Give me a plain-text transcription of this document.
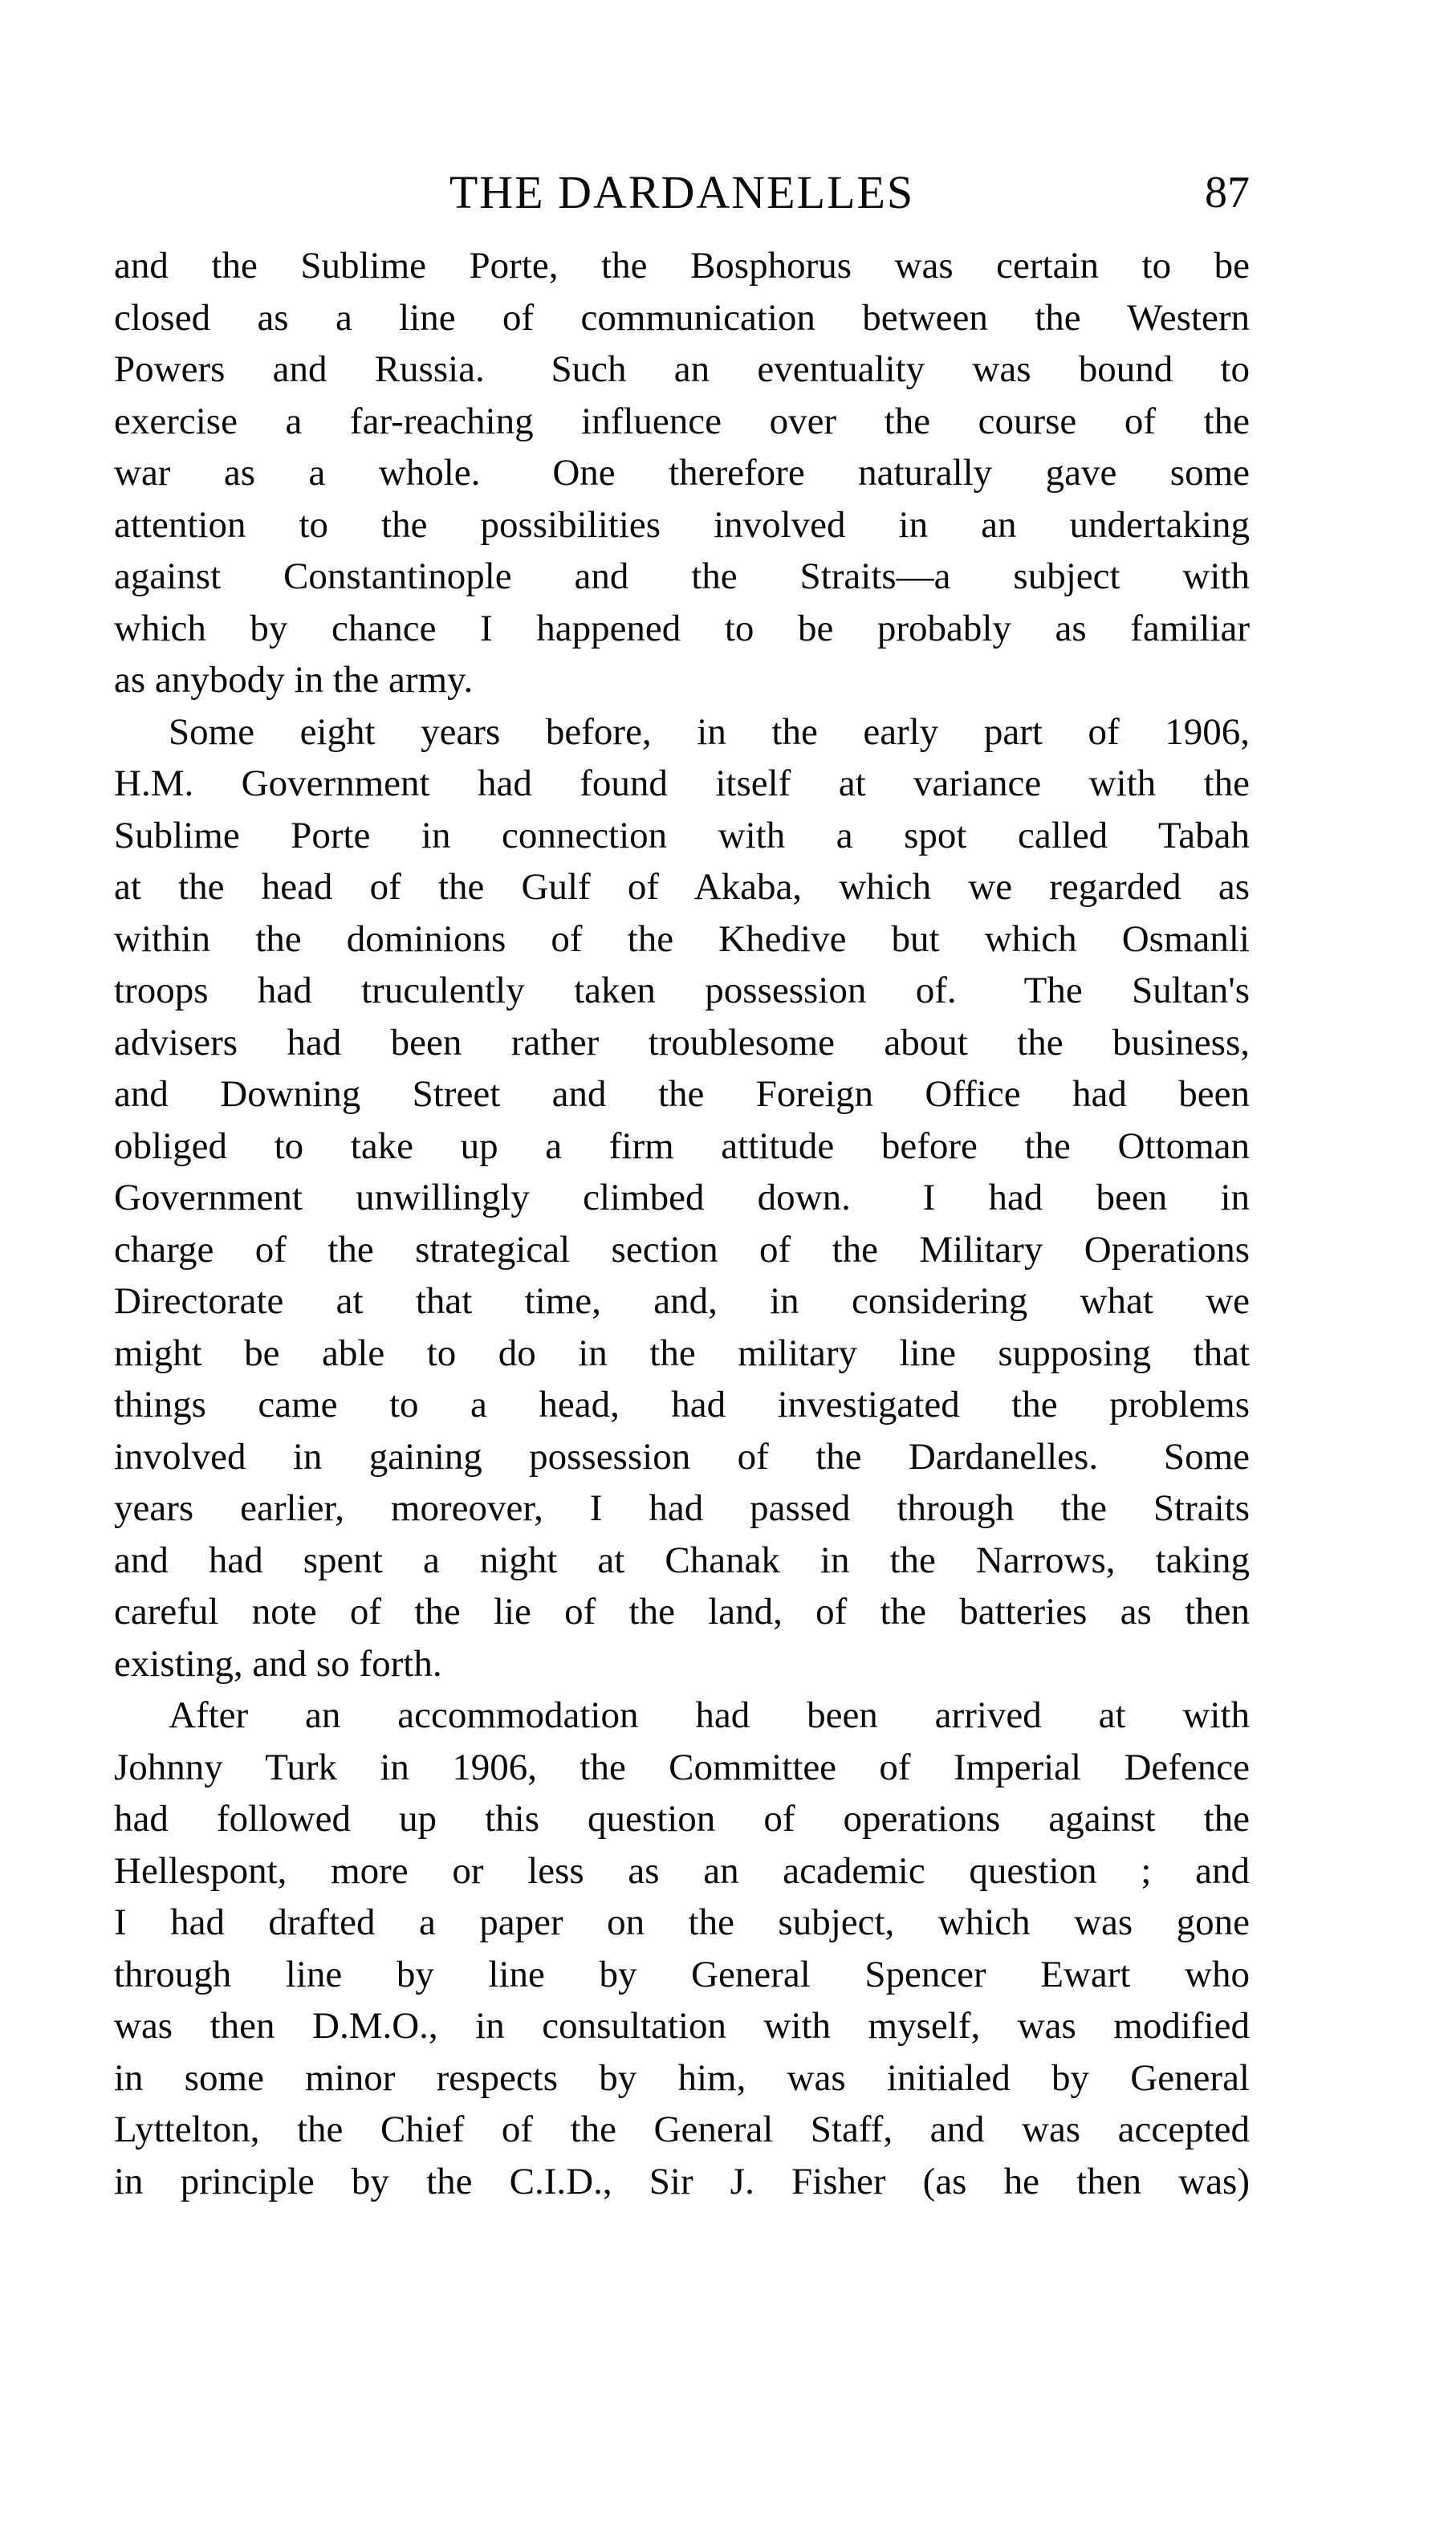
THE DARDANELLES	87
and the Sublime Porte, the Bosphorus was certain to be
closed as a line of communication between the Western
Powers and Russia.  Such an eventuality was bound to
exercise a far-reaching influence over the course of the
war as a whole.  One therefore naturally gave some
attention to the possibilities involved in an undertaking
against Constantinople and the Straits—a subject with
which by chance I happened to be probably as familiar
as anybody in the army.
Some eight years before, in the early part of 1906,
H.M. Government had found itself at variance with the
Sublime Porte in connection with a spot called Tabah
at the head of the Gulf of Akaba, which we regarded as
within the dominions of the Khedive but which Osmanli
troops had truculently taken possession of.  The Sultan's
advisers had been rather troublesome about the business,
and Downing Street and the Foreign Office had been
obliged to take up a firm attitude before the Ottoman
Government unwillingly climbed down.  I had been in
charge of the strategical section of the Military Operations
Directorate at that time, and, in considering what we
might be able to do in the military line supposing that
things came to a head, had investigated the problems
involved in gaining possession of the Dardanelles.  Some
years earlier, moreover, I had passed through the Straits
and had spent a night at Chanak in the Narrows, taking
careful note of the lie of the land, of the batteries as then
existing, and so forth.
After an accommodation had been arrived at with
Johnny Turk in 1906, the Committee of Imperial Defence
had followed up this question of operations against the
Hellespont, more or less as an academic question ; and
I had drafted a paper on the subject, which was gone
through line by line by General Spencer Ewart who
was then D.M.O., in consultation with myself, was modified
in some minor respects by him, was initialed by General
Lyttelton, the Chief of the General Staff, and was accepted
in principle by the C.I.D., Sir J. Fisher (as he then was)
